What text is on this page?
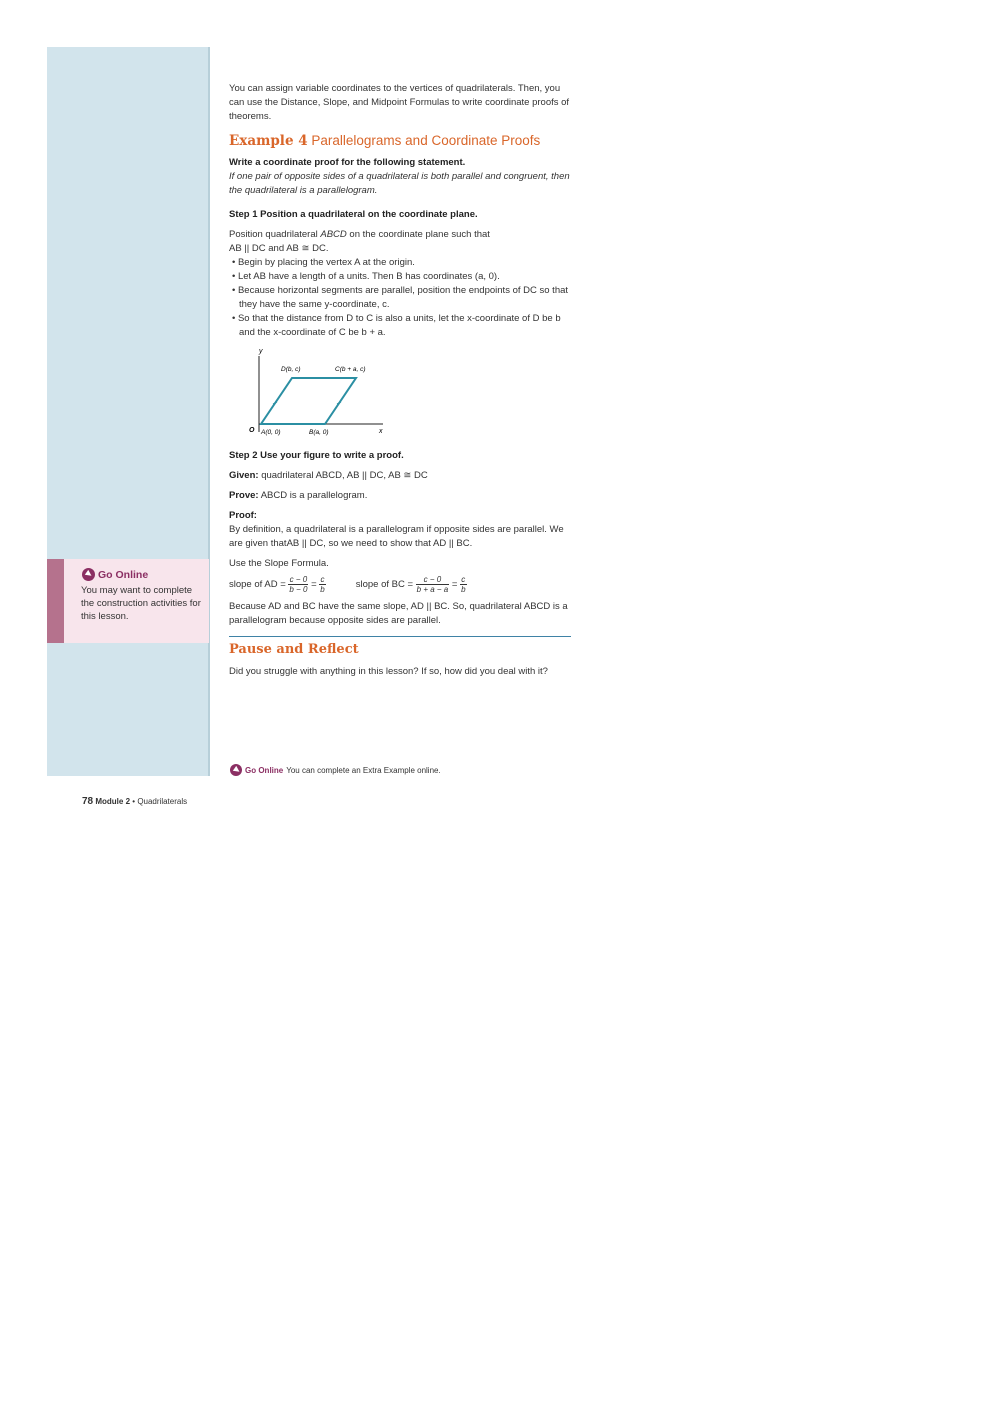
Go Online
You may want to complete the construction activities for this lesson.

You can assign variable coordinates to the vertices of quadrilaterals. Then, you can use the Distance, Slope, and Midpoint Formulas to write coordinate proofs of theorems.

Example 4 Parallelograms and Coordinate Proofs

Write a coordinate proof for the following statement.

If one pair of opposite sides of a quadrilateral is both parallel and congruent, then the quadrilateral is a parallelogram.

Step 1 Position a quadrilateral on the coordinate plane.

Position quadrilateral ABCD on the coordinate plane such that

AB || DC and AB ≅ DC.

• Begin by placing the vertex A at the origin.

• Let AB have a length of a units. Then B has coordinates (a, 0).

• Because horizontal segments are parallel, position the endpoints of DC so that they have the same y-coordinate, c.

• So that the distance from D to C is also a units, let the x-coordinate of D be b and the x-coordinate of C be b + a.

y
x
O A(0, 0)	B(a, 0)
C(b + a, c)
D(b, c)

Step 2 Use your figure to write a proof.

Given: quadrilateral ABCD, AB || DC, AB ≅ DC

Prove: ABCD is a parallelogram.

Proof:

By definition, a quadrilateral is a parallelogram if opposite sides are parallel. We are given thatAB || DC, so we need to show that AD || BC.

Use the Slope Formula.

slope of AD = $\frac{c - 0}{b - 0} = \frac{c}{b}$	slope of BC = $\frac{c - 0}{b + a - a} = \frac{c}{b}$

Because AD and BC have the same slope, AD || BC. So, quadrilateral ABCD is a parallelogram because opposite sides are parallel.

Pause and Reflect

Did you struggle with anything in this lesson? If so, how did you deal with it?

Go Online You can complete an Extra Example online.
78 Module 2 • Quadrilaterals
